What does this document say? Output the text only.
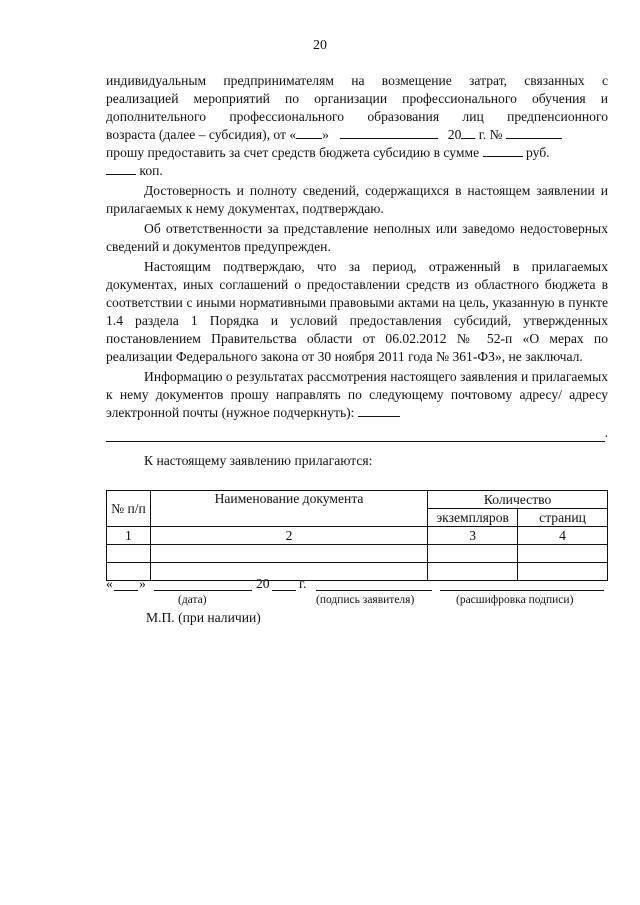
20
индивидуальным предпринимателям на возмещение затрат, связанных с
реализацией мероприятий по организации профессионального обучения и
дополнительного профессионального образования лиц предпенсионного
возраста (далее – субсидия), от « »	20 г. №
прошу предоставить за счет средств бюджета субсидию в сумме	руб.
коп.
Достоверность и полноту сведений, содержащихся в настоящем заявлении и прилагаемых к нему документах, подтверждаю.
Об ответственности за представление неполных или заведомо недостоверных сведений и документов предупрежден.
Настоящим подтверждаю, что за период, отраженный в прилагаемых документах, иных соглашений о предоставлении средств из областного бюджета в соответствии с иными нормативными правовыми актами на цель, указанную в пункте 1.4 раздела 1 Порядка и условий предоставления субсидий, утвержденных постановлением Правительства области от 06.02.2012 № 52-п «О мерах по реализации Федерального закона от 30 ноября 2011 года № 361-ФЗ», не заключал.
Информацию о результатах рассмотрения настоящего заявления и прилагаемых к нему документов прошу направлять по следующему почтовому адресу/ адресу электронной почты (нужное подчеркнуть):
.
К настоящему заявлению прилагаются:
№ п/п	Наименование документа	Количество	
		экземпляров	страниц
1	2	3	4

« »	20 г.
(дата)	(подпись заявителя)	(расшифровка подписи)
М.П. (при наличии)
